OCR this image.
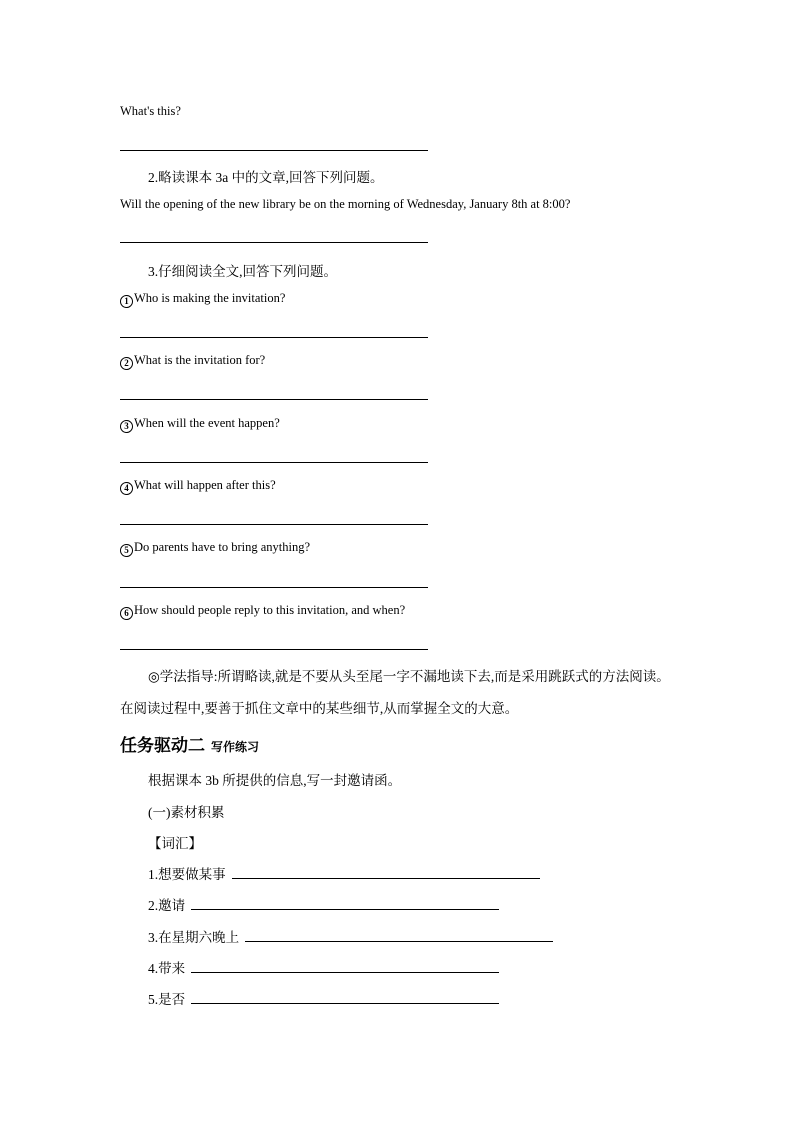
What's this?
2.略读课本 3a 中的文章,回答下列问题。
Will the opening of the new library be on the morning of Wednesday, January 8th at 8:00?
3.仔细阅读全文,回答下列问题。
1 Who is making the invitation?
2 What is the invitation for?
3 When will the event happen?
4 What will happen after this?
5 Do parents have to bring anything?
6 How should people reply to this invitation, and when?
◎学法指导:所谓略读,就是不要从头至尾一字不漏地读下去,而是采用跳跃式的方法阅读。
在阅读过程中,要善于抓住文章中的某些细节,从而掌握全文的大意。
任务驱动二 写作练习
根据课本 3b 所提供的信息,写一封邀请函。
(一)素材积累
【词汇】
1.想要做某事
2.邀请
3.在星期六晚上
4.带来
5.是否
